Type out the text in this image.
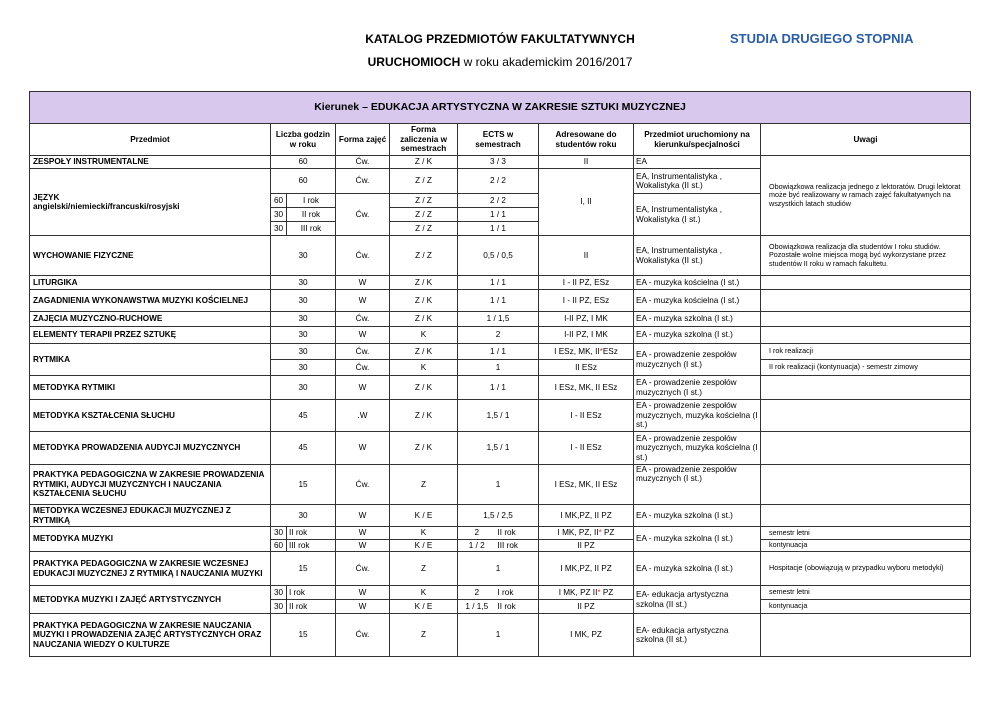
KATALOG PRZEDMIOTÓW FAKULTATYWNYCH
URUCHOMIOCH w roku akademickim 2016/2017
STUDIA DRUGIEGO STOPNIA
Kierunek – EDUKACJA ARTYSTYCZNA W ZAKRESIE SZTUKI MUZYCZNEJ									
Przedmiot	Liczba godzin w roku		Forma zajęć	Forma zaliczenia w semestrach	ECTS w semestrach		Adresowane do studentów roku	Przedmiot uruchomiony na kierunku/specjalności	Uwagi
ZESPOŁY INSTRUMENTALNE	60		Ćw.	Z / K	3 / 3		II	EA	Obowiązkowa realizacja jednego z lektoratów. Drugi lektorat może być realizowany w ramach zajęć fakultatywnych na wszystkich latach studiów
JĘZYK
angielski/niemiecki/francuski/rosyjski	60		Ćw.	Z / Z	2 / 2		I, II	EA, Instrumentalistyka , Wokalistyka (II st.)	
	60	I rok	Ćw.	Z / Z	2 / 2			EA, Instrumentalistyka , Wokalistyka (I st.)	
	30	II rok		Z / Z	1 / 1				
	30	III rok		Z / Z	1 / 1				
WYCHOWANIE FIZYCZNE	30		Ćw.	Z / Z	0,5 / 0,5		II	EA, Instrumentalistyka , Wokalistyka (II st.)	Obowiązkowa realizacja dla studentów I roku studiów. Pozostałe wolne miejsca mogą być wykorzystane przez studentów II roku w ramach fakultetu.
LITURGIKA	30		W	Z / K	1 / 1		I - II PZ, ESz	EA - muzyka kościelna (I st.)	
ZAGADNIENIA WYKONAWSTWA MUZYKI KOŚCIELNEJ	30		W	Z / K	1 / 1		I - II PZ, ESz	EA - muzyka kościelna (I st.)	
ZAJĘCIA MUZYCZNO-RUCHOWE	30		Ćw.	Z / K	1 / 1,5		I-II PZ, I MK	EA - muzyka szkolna (I st.)	
ELEMENTY TERAPII PRZEZ SZTUKĘ	30		W	K	2		I-II PZ, I MK	EA - muzyka szkolna (I st.)	
RYTMIKA	30		Ćw.	Z / K	1 / 1		I ESz, MK, II*ESz	EA - prowadzenie zespołów muzycznych (I st.)	I rok realizacji
	30		Ćw.	K	1		II ESz		II rok realizacji (kontynuacja) - semestr zimowy
METODYKA RYTMIKI	30		W	Z / K	1 / 1		I ESz, MK, II ESz	EA - prowadzenie zespołów muzycznych (I st.)	
METODYKA KSZTAŁCENIA SŁUCHU	45		.W	Z / K	1,5 / 1		I - II ESz	EA - prowadzenie zespołów muzycznych, muzyka kościelna (I st.)	
METODYKA PROWADZENIA AUDYCJI MUZYCZNYCH	45		W	Z / K	1,5 / 1		I - II ESz	EA - prowadzenie zespołów muzycznych, muzyka kościelna (I st.)	
PRAKTYKA PEDAGOGICZNA W ZAKRESIE PROWADZENIA RYTMIKI, AUDYCJI MUZYCZNYCH I NAUCZANIA KSZTAŁCENIA SŁUCHU	15		Ćw.	Z	1		I ESz, MK, II ESz	EA - prowadzenie zespołów muzycznych (I st.)	
METODYKA WCZESNEJ EDUKACJI MUZYCZNEJ Z RYTMIKĄ	30		W	K / E	1,5 / 2,5		I MK,PZ, II PZ	EA - muzyka szkolna (I st.)	
METODYKA MUZYKI	30	II rok	W	K	2	II rok	I MK, PZ, II* PZ	EA - muzyka szkolna (I st.)	semestr letni
	60	III rok	W	K / E	1 / 2	III rok	II PZ		kontynuacja
PRAKTYKA PEDAGOGICZNA W ZAKRESIE WCZESNEJ EDUKACJI MUZYCZNEJ Z RYTMIKĄ I NAUCZANIA MUZYKI	15		Ćw.	Z	1		I MK,PZ, II PZ	EA - muzyka szkolna (I st.)	Hospitacje (obowiązują w przypadku wyboru metodyki)
METODYKA MUZYKI I ZAJĘĆ ARTYSTYCZNYCH	30	I rok	W	K	2	I rok	I MK, PZ II* PZ	EA- edukacja artystyczna szkolna (II st.)	semestr letni
	30	II rok	W	K / E	1 / 1,5	II rok	II PZ		kontynuacja
PRAKTYKA PEDAGOGICZNA W ZAKRESIE NAUCZANIA MUZYKI I PROWADZENIA ZAJĘĆ ARTYSTYCZNYCH ORAZ NAUCZANIA WIEDZY O KULTURZE	15		Ćw.	Z	1		I MK, PZ	EA- edukacja artystyczna szkolna (II st.)	
